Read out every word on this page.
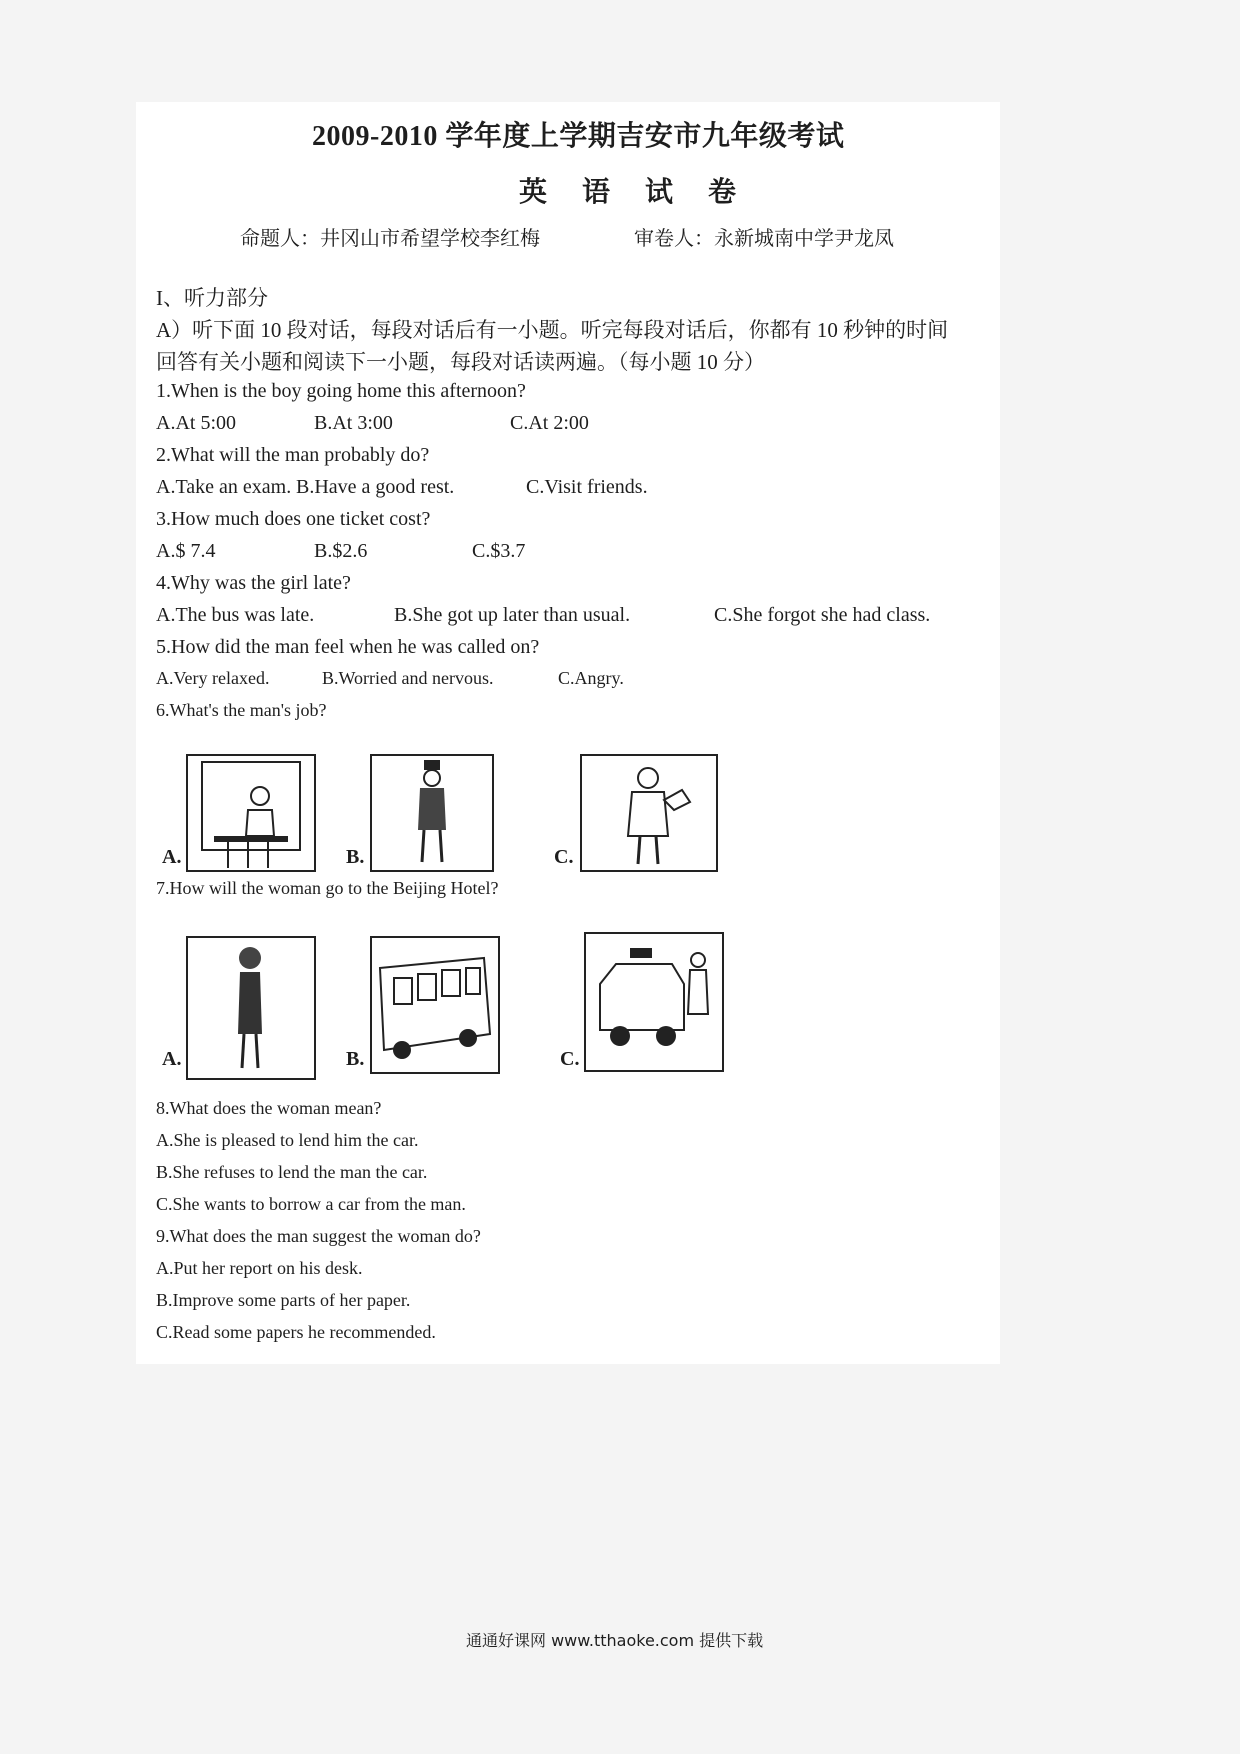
2009-2010 学年度上学期吉安市九年级考试
英 语 试 卷
命题人：井冈山市希望学校李红梅	审卷人：永新城南中学尹龙凤
I、听力部分
A）听下面 10 段对话，每段对话后有一小题。听完每段对话后，你都有 10 秒钟的时间
回答有关小题和阅读下一小题，每段对话读两遍。（每小题 10 分）
1.When is the boy going home this afternoon?
A.At 5:00	B.At 3:00	C.At 2:00
2.What will the man probably do?
A.Take an exam. B.Have a good rest.	C.Visit friends.
3.How much does one ticket cost?
A.$ 7.4	B.$2.6	C.$3.7
4.Why was the girl late?
A.The bus was late.	B.She got up later than usual.	C.She forgot she had class.
5.How did the man feel when he was called on?
A.Very relaxed.	B.Worried and nervous.	C.Angry.
6.What's the man's job?
A.	B.	C.
7.How will the woman go to the Beijing Hotel?
A.	B.	C.
8.What does the woman mean?
A.She is pleased to lend him the car.
B.She refuses to lend the man the car.
C.She wants to borrow a car from the man.
9.What does the man suggest the woman do?
A.Put her report on his desk.
B.Improve some parts of her paper.
C.Read some papers he recommended.
通通好课网 www.tthaoke.com 提供下载
